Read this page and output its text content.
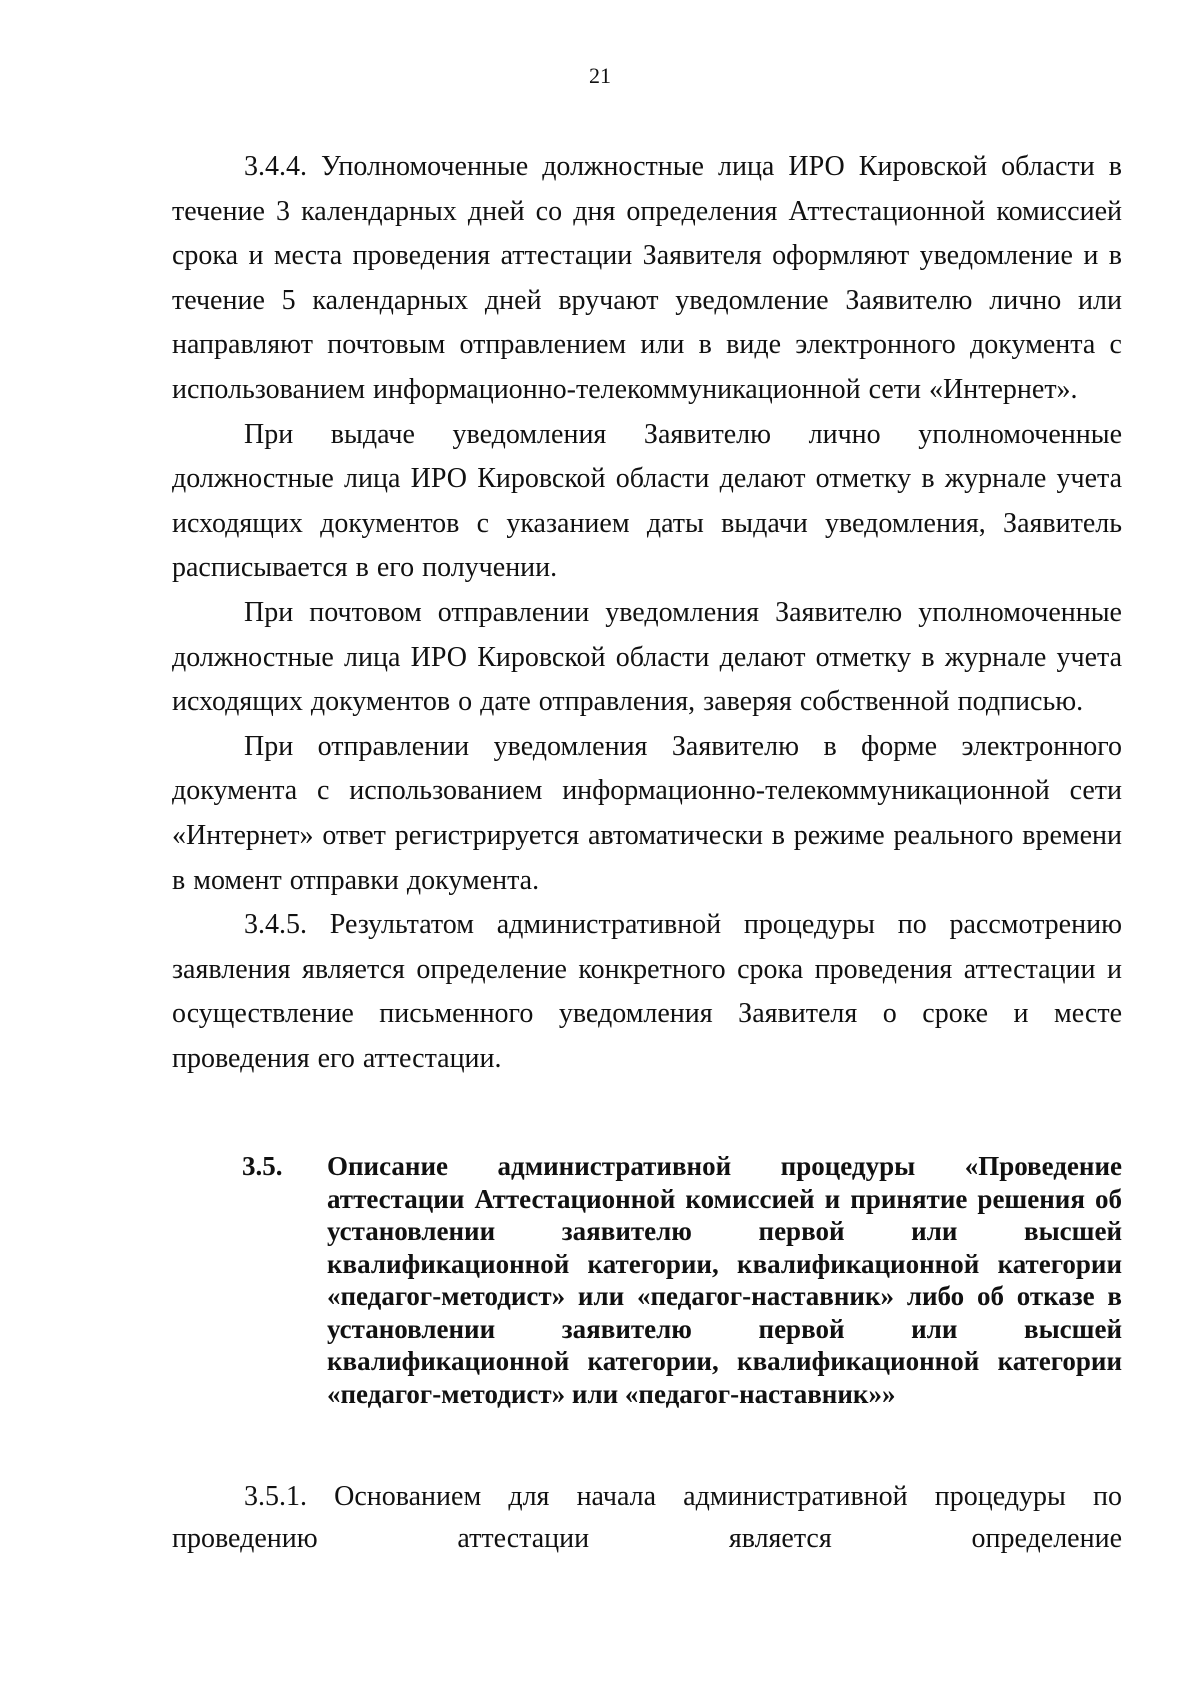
21

3.4.4. Уполномоченные должностные лица ИРО Кировской области в течение 3 календарных дней со дня определения Аттестационной комиссией срока и места проведения аттестации Заявителя оформляют уведомление и в течение 5 календарных дней вручают уведомление Заявителю лично или направляют почтовым отправлением или в виде электронного документа с использованием информационно-телекоммуникационной сети «Интернет».

При выдаче уведомления Заявителю лично уполномоченные должностные лица ИРО Кировской области делают отметку в журнале учета исходящих документов с указанием даты выдачи уведомления, Заявитель расписывается в его получении.

При почтовом отправлении уведомления Заявителю уполномоченные должностные лица ИРО Кировской области делают отметку в журнале учета исходящих документов о дате отправления, заверяя собственной подписью.

При отправлении уведомления Заявителю в форме электронного документа с использованием информационно-телекоммуникационной сети «Интернет» ответ регистрируется автоматически в режиме реального времени в момент отправки документа.

3.4.5. Результатом административной процедуры по рассмотрению заявления является определение конкретного срока проведения аттестации и осуществление письменного уведомления Заявителя о сроке и месте проведения его аттестации.

3.5. Описание административной процедуры «Проведение аттестации Аттестационной комиссией и принятие решения об установлении заявителю первой или высшей квалификационной категории, квалификационной категории «педагог-методист» или «педагог-наставник» либо об отказе в установлении заявителю первой или высшей квалификационной категории, квалификационной категории «педагог-методист» или «педагог-наставник»»

3.5.1. Основанием для начала административной процедуры по проведению аттестации является определение
